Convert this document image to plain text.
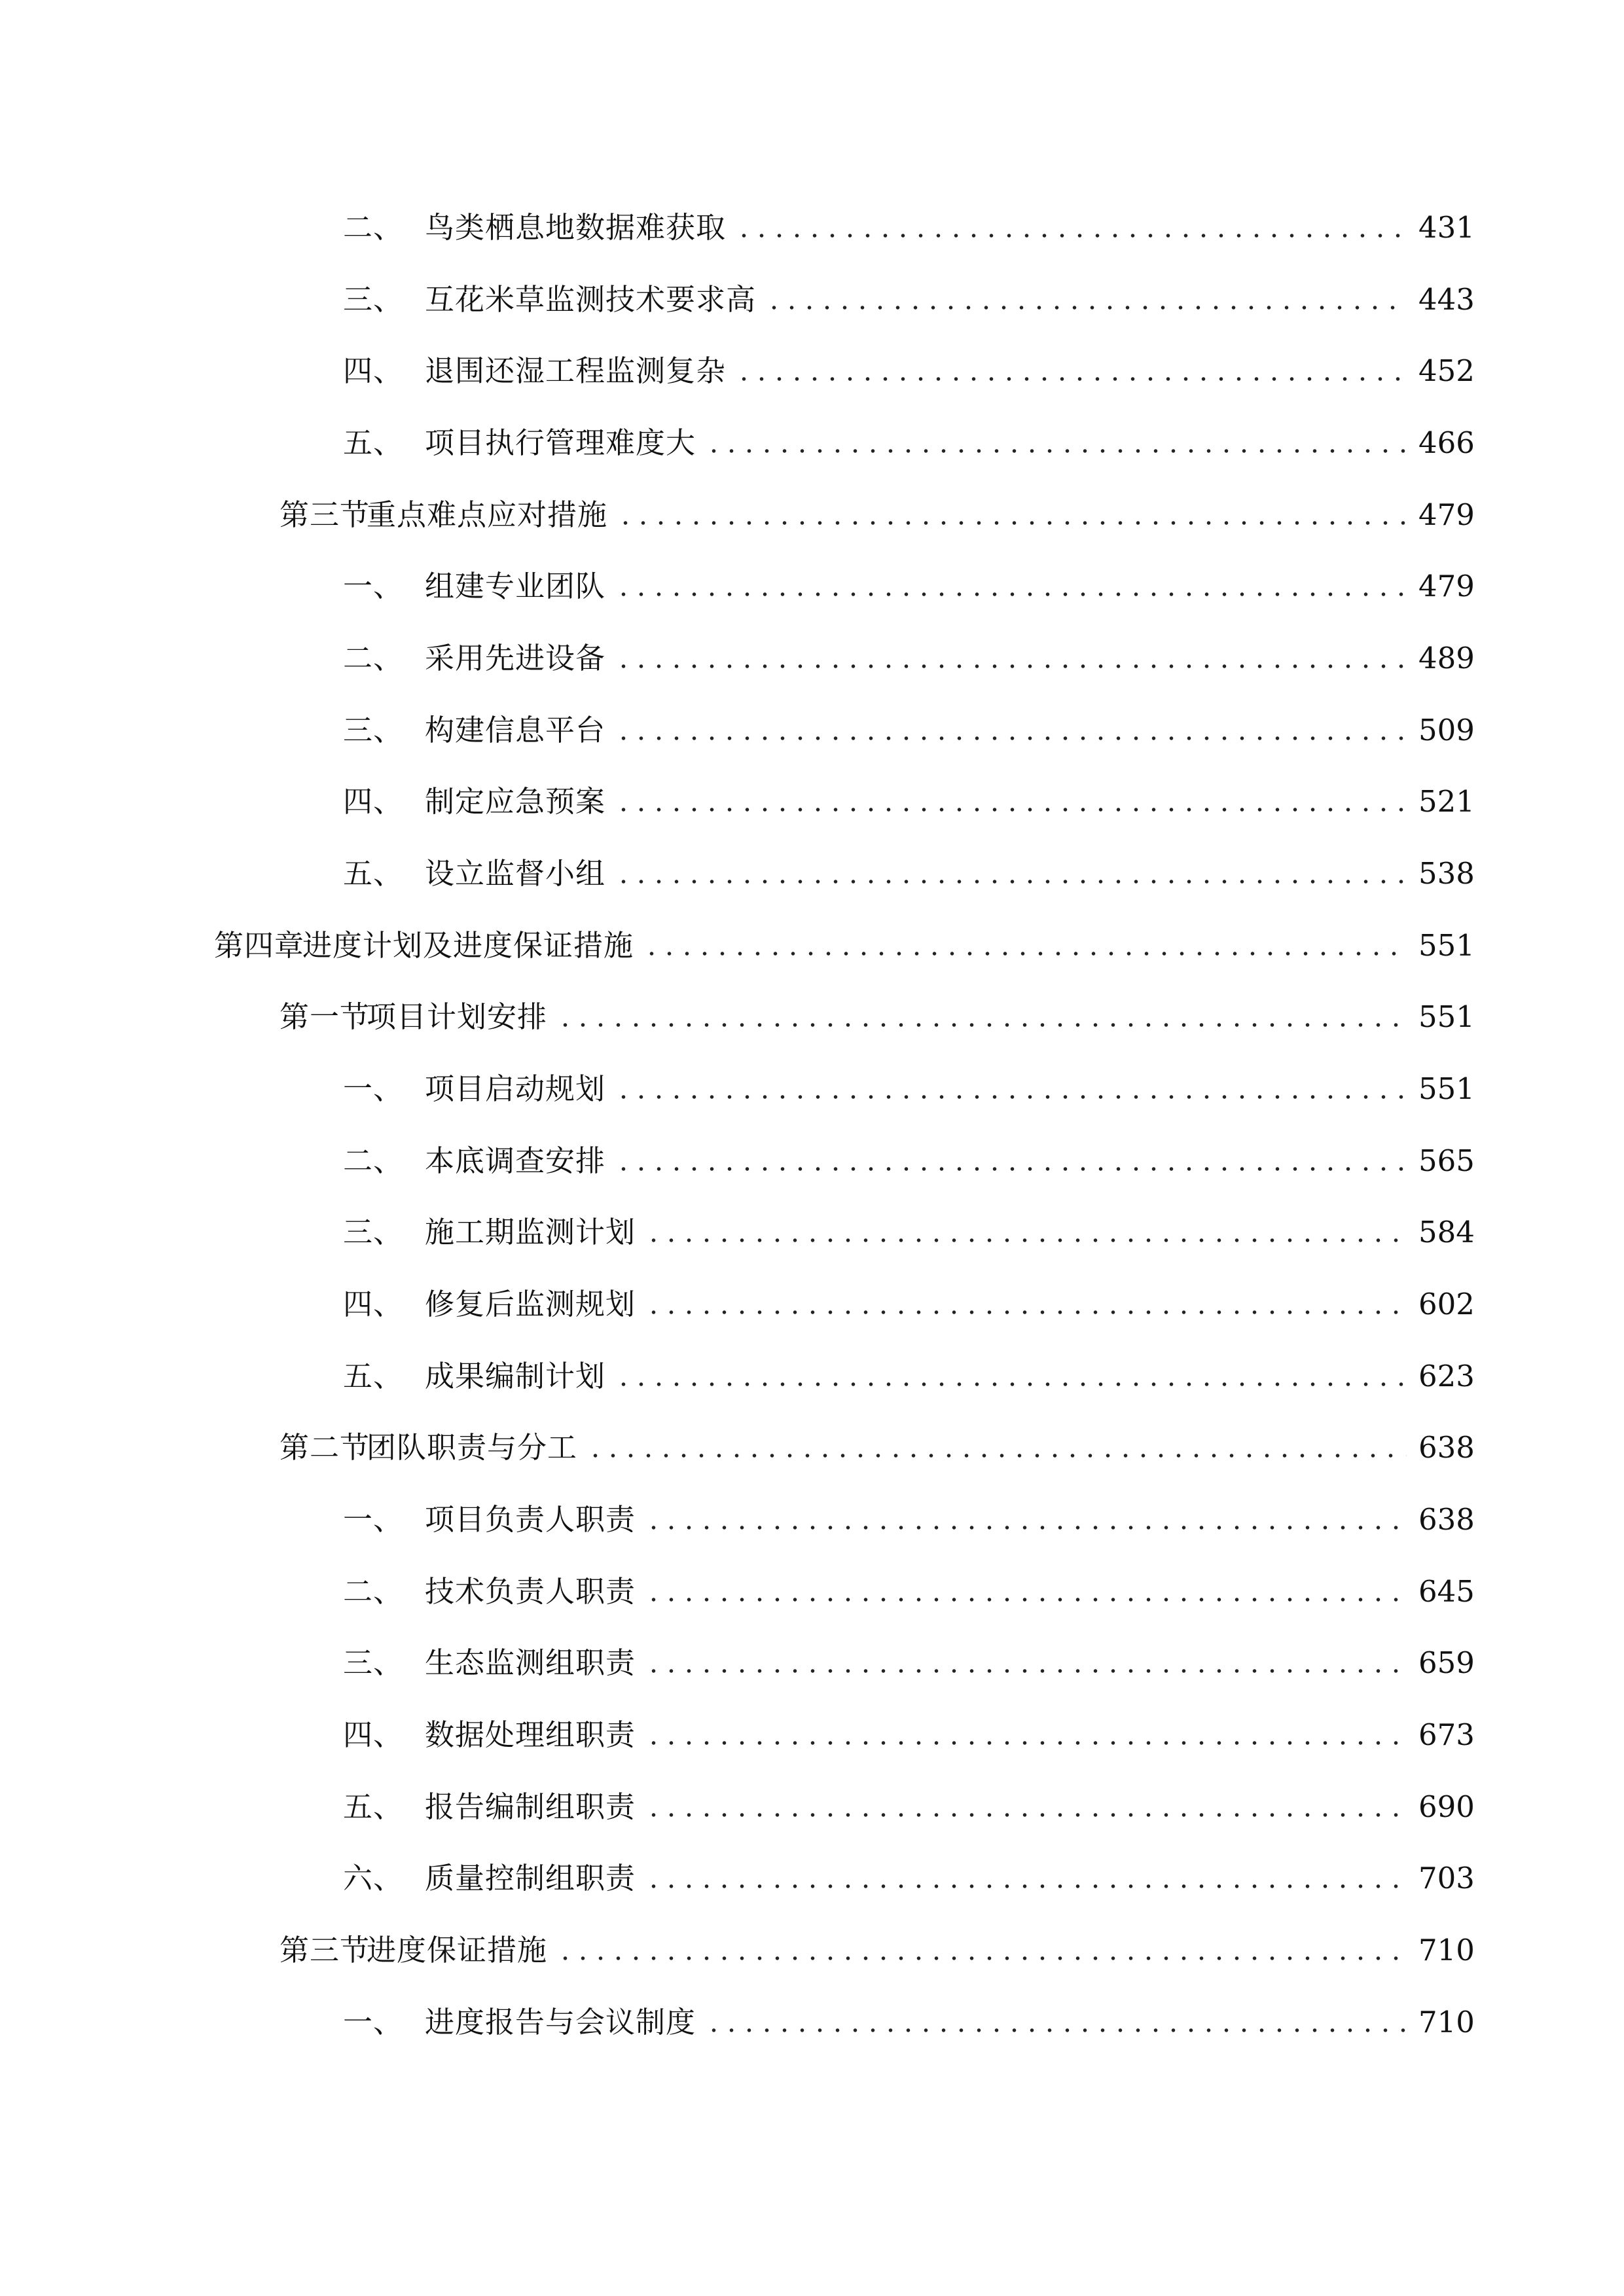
二、 鸟类栖息地数据难获取	431
三、 互花米草监测技术要求高	443
四、 退围还湿工程监测复杂	452
五、 项目执行管理难度大	466
第三节重点难点应对措施	479
一、 组建专业团队	479
二、 采用先进设备	489
三、 构建信息平台	509
四、 制定应急预案	521
五、 设立监督小组	538
第四章进度计划及进度保证措施	551
第一节项目计划安排	551
一、 项目启动规划	551
二、 本底调查安排	565
三、 施工期监测计划	584
四、 修复后监测规划	602
五、 成果编制计划	623
第二节团队职责与分工	638
一、 项目负责人职责	638
二、 技术负责人职责	645
三、 生态监测组职责	659
四、 数据处理组职责	673
五、 报告编制组职责	690
六、 质量控制组职责	703
第三节进度保证措施	710
一、 进度报告与会议制度	710
